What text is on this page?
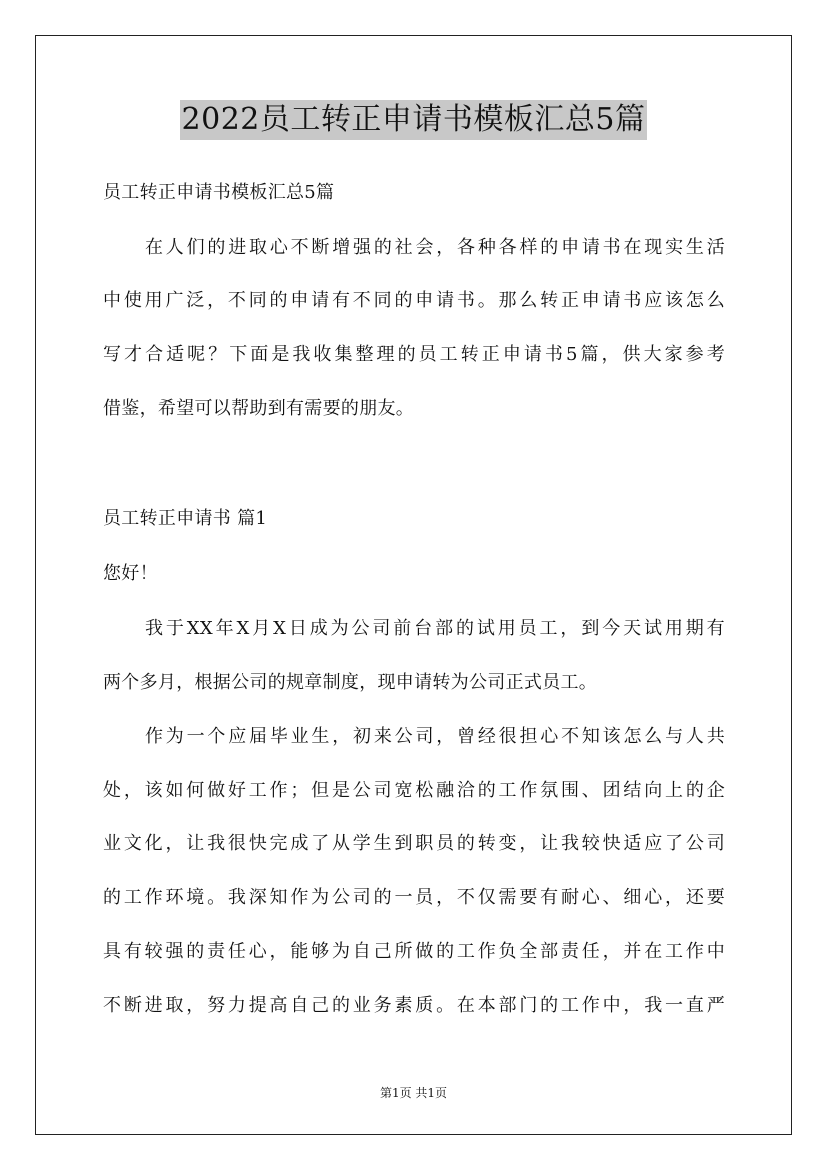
2022员工转正申请书模板汇总5篇
员工转正申请书模板汇总5篇
在人们的进取心不断增强的社会，各种各样的申请书在现实生活
中使用广泛，不同的申请有不同的申请书。那么转正申请书应该怎么
写才合适呢？下面是我收集整理的员工转正申请书5篇，供大家参考
借鉴，希望可以帮助到有需要的朋友。
员工转正申请书 篇1
您好！
我于XX年X月X日成为公司前台部的试用员工，到今天试用期有
两个多月，根据公司的规章制度，现申请转为公司正式员工。
作为一个应届毕业生，初来公司，曾经很担心不知该怎么与人共
处，该如何做好工作；但是公司宽松融洽的工作氛围、团结向上的企
业文化，让我很快完成了从学生到职员的转变，让我较快适应了公司
的工作环境。我深知作为公司的一员，不仅需要有耐心、细心，还要
具有较强的责任心，能够为自己所做的工作负全部责任，并在工作中
不断进取，努力提高自己的业务素质。在本部门的工作中，我一直严
第1页 共1页
